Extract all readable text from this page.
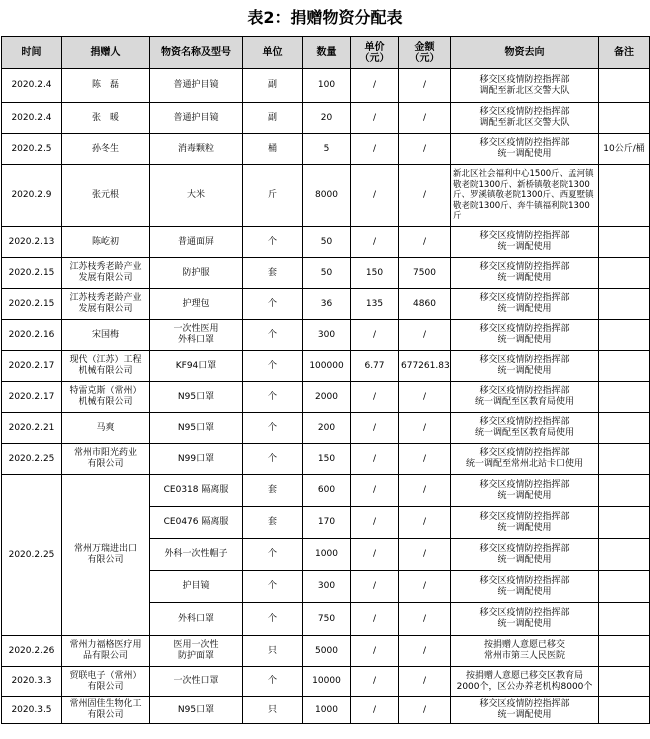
表2：捐赠物资分配表
时间	捐赠人	物资名称及型号	单位	数量	单价
（元）	金额
（元）	物资去向	备注
2020.2.4	陈　磊	普通护目镜	副	100	/	/	移交区疫情防控指挥部
调配至新北区交警大队	
2020.2.4	张　暖	普通护目镜	副	20	/	/	移交区疫情防控指挥部
调配至新北区交警大队	
2020.2.5	孙冬生	消毒颗粒	桶	5	/	/	移交区疫情防控指挥部
统一调配使用	10公斤/桶
2020.2.9	张元根	大米	斤	8000	/	/	新北区社会福利中心1500斤、孟河镇敬老院1300斤、新桥镇敬老院1300斤、罗溪镇敬老院1300斤、西夏墅镇敬老院1300斤、奔牛镇福利院1300斤	
2020.2.13	陈屹初	普通面屏	个	50	/	/	移交区疫情防控指挥部
统一调配使用	
2020.2.15	江苏枝秀老龄产业
发展有限公司	防护服	套	50	150	7500	移交区疫情防控指挥部
统一调配使用	
2020.2.15	江苏枝秀老龄产业
发展有限公司	护理包	个	36	135	4860	移交区疫情防控指挥部
统一调配使用	
2020.2.16	宋国梅	一次性医用
外科口罩	个	300	/	/	移交区疫情防控指挥部
统一调配使用	
2020.2.17	现代（江苏）工程
机械有限公司	KF94口罩	个	100000	6.77	677261.83	移交区疫情防控指挥部
统一调配使用	
2020.2.17	特雷克斯（常州）
机械有限公司	N95口罩	个	2000	/	/	移交区疫情防控指挥部
统一调配至区教育局使用	
2020.2.21	马爽	N95口罩	个	200	/	/	移交区疫情防控指挥部
统一调配至区教育局使用	
2020.2.25	常州市阳光药业
有限公司	N99口罩	个	150	/	/	移交区疫情防控指挥部
统一调配至常州北站卡口使用	
2020.2.25	常州万瑞进出口
有限公司	CE0318 隔离服	套	600	/	/	移交区疫情防控指挥部
统一调配使用	
		CE0476 隔离服	套	170	/	/	移交区疫情防控指挥部
统一调配使用	
		外科一次性帽子	个	1000	/	/	移交区疫情防控指挥部
统一调配使用	
		护目镜	个	300	/	/	移交区疫情防控指挥部
统一调配使用	
		外科口罩	个	750	/	/	移交区疫情防控指挥部
统一调配使用	
2020.2.26	常州力福格医疗用
品有限公司	医用一次性
防护面罩	只	5000	/	/	按捐赠人意愿已移交
常州市第三人民医院	
2020.3.3	贸联电子（常州）
有限公司	一次性口罩	个	10000	/	/	按捐赠人意愿已移交区教育局
2000个，区公办养老机构8000个	
2020.3.5	常州固佳生物化工
有限公司	N95口罩	只	1000	/	/	移交区疫情防控指挥部
统一调配使用	
